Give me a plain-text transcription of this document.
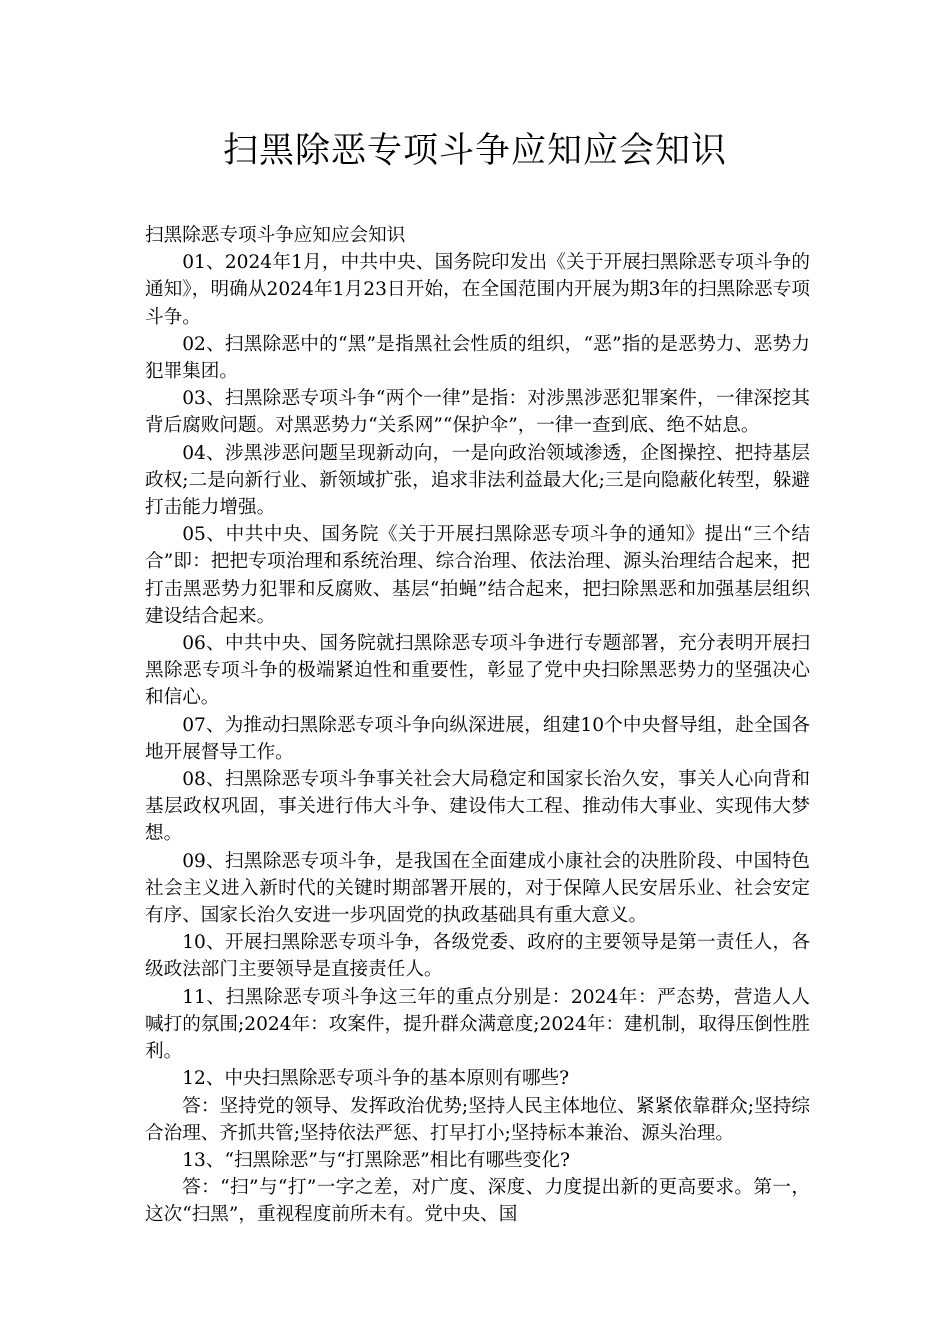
扫黑除恶专项斗争应知应会知识

扫黑除恶专项斗争应知应会知识

01、2024年1月，中共中央、国务院印发出《关于开展扫黑除恶专项斗争的通知》，明确从2024年1月23日开始，在全国范围内开展为期3年的扫黑除恶专项斗争。

02、扫黑除恶中的“黑”是指黑社会性质的组织，“恶”指的是恶势力、恶势力犯罪集团。

03、扫黑除恶专项斗争“两个一律”是指：对涉黑涉恶犯罪案件，一律深挖其背后腐败问题。对黑恶势力“关系网”“保护伞”，一律一查到底、绝不姑息。

04、涉黑涉恶问题呈现新动向，一是向政治领域渗透，企图操控、把持基层政权;二是向新行业、新领域扩张，追求非法利益最大化;三是向隐蔽化转型，躲避打击能力增强。

05、中共中央、国务院《关于开展扫黑除恶专项斗争的通知》提出“三个结合”即：把把专项治理和系统治理、综合治理、依法治理、源头治理结合起来，把打击黑恶势力犯罪和反腐败、基层“拍蝇”结合起来，把扫除黑恶和加强基层组织建设结合起来。

06、中共中央、国务院就扫黑除恶专项斗争进行专题部署，充分表明开展扫黑除恶专项斗争的极端紧迫性和重要性，彰显了党中央扫除黑恶势力的坚强决心和信心。

07、为推动扫黑除恶专项斗争向纵深进展，组建10个中央督导组，赴全国各地开展督导工作。

08、扫黑除恶专项斗争事关社会大局稳定和国家长治久安，事关人心向背和基层政权巩固，事关进行伟大斗争、建设伟大工程、推动伟大事业、实现伟大梦想。

09、扫黑除恶专项斗争，是我国在全面建成小康社会的决胜阶段、中国特色社会主义进入新时代的关键时期部署开展的，对于保障人民安居乐业、社会安定有序、国家长治久安进一步巩固党的执政基础具有重大意义。

10、开展扫黑除恶专项斗争，各级党委、政府的主要领导是第一责任人，各级政法部门主要领导是直接责任人。

11、扫黑除恶专项斗争这三年的重点分别是：2024年：严态势，营造人人喊打的氛围;2024年：攻案件，提升群众满意度;2024年：建机制，取得压倒性胜利。

12、中央扫黑除恶专项斗争的基本原则有哪些?

答：坚持党的领导、发挥政治优势;坚持人民主体地位、紧紧依靠群众;坚持综合治理、齐抓共管;坚持依法严惩、打早打小;坚持标本兼治、源头治理。

13、“扫黑除恶”与“打黑除恶”相比有哪些变化?

答：“扫”与“打”一字之差，对广度、深度、力度提出新的更高要求。第一，这次“扫黑”，重视程度前所未有。党中央、国
